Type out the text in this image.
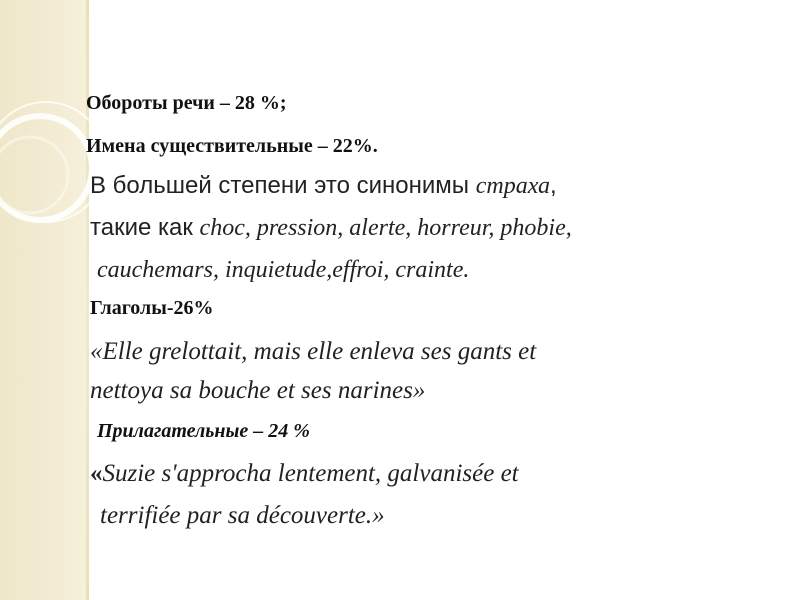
Обороты речи – 28 %;

Имена существительные – 22%.

В большей степени это синонимы страха,

такие как choc, pression, alerte, horreur, phobie,

cauchemars, inquietude,effroi, crainte.

Глаголы-26%

«Elle grelottait, mais elle enleva ses gants et

nettoya sa bouche et ses narines»

Прилагательные – 24 %

«Suzie s'approcha lentement, galvanisée et

terrifiée par sa découverte.»
